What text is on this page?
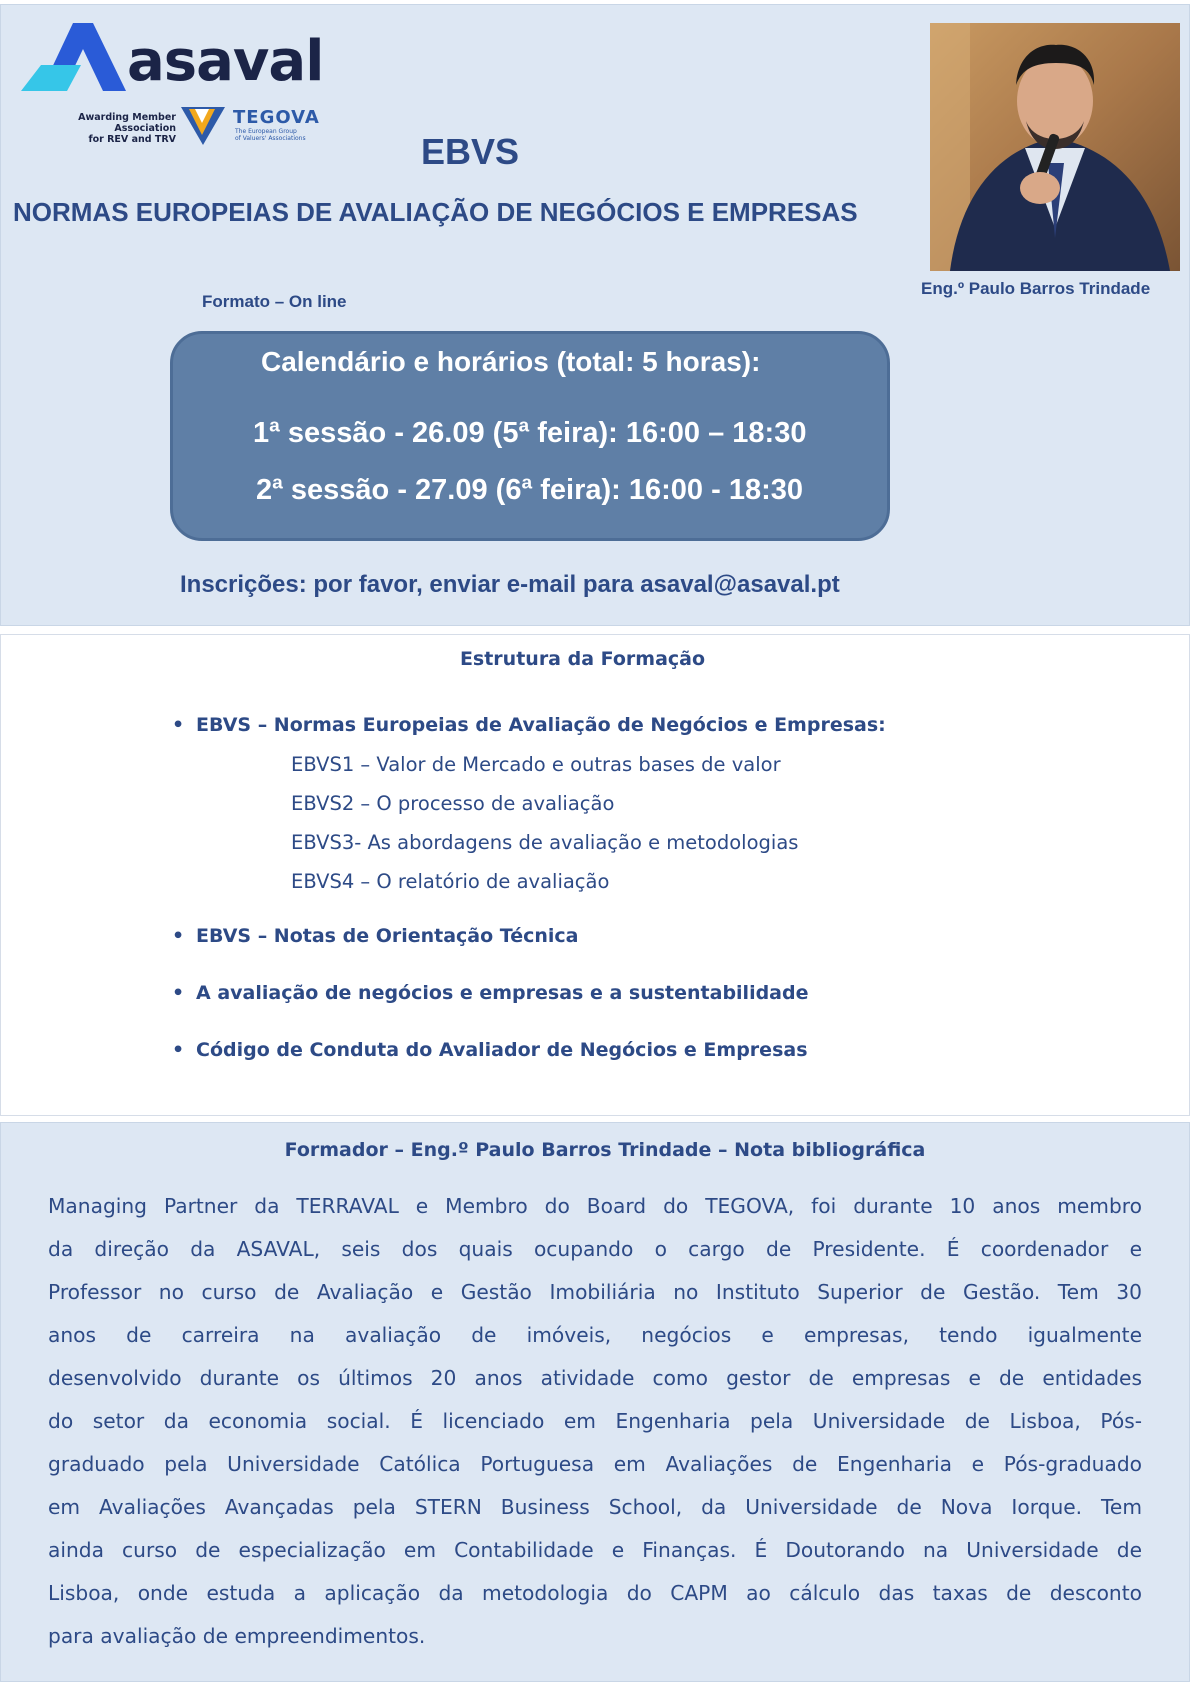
asaval
Awarding Member Association
for REV and TRV
TEGOVA
The European Group
of Valuers' Associations	EBVS
NORMAS EUROPEIAS DE AVALIAÇÃO DE NEGÓCIOS E EMPRESAS
Eng.º Paulo Barros Trindade
Formato – On line
Calendário e horários (total: 5 horas):
1ª sessão - 26.09 (5ª feira): 16:00 – 18:30
2ª sessão - 27.09 (6ª feira): 16:00 - 18:30
Inscrições: por favor, enviar e-mail para asaval@asaval.pt
Estrutura da Formação
• EBVS – Normas Europeias de Avaliação de Negócios e Empresas:
EBVS1 – Valor de Mercado e outras bases de valor
EBVS2 – O processo de avaliação
EBVS3- As abordagens de avaliação e metodologias
EBVS4 – O relatório de avaliação
• EBVS – Notas de Orientação Técnica
• A avaliação de negócios e empresas e a sustentabilidade
• Código de Conduta do Avaliador de Negócios e Empresas
Formador – Eng.º Paulo Barros Trindade – Nota bibliográfica
Managing Partner da TERRAVAL e Membro do Board do TEGOVA, foi durante 10 anos membro
da direção da ASAVAL, seis dos quais ocupando o cargo de Presidente. É coordenador e
Professor no curso de Avaliação e Gestão Imobiliária no Instituto Superior de Gestão. Tem 30
anos de carreira na avaliação de imóveis, negócios e empresas, tendo igualmente
desenvolvido durante os últimos 20 anos atividade como gestor de empresas e de entidades
do setor da economia social. É licenciado em Engenharia pela Universidade de Lisboa, Pós-
graduado pela Universidade Católica Portuguesa em Avaliações de Engenharia e Pós-graduado
em Avaliações Avançadas pela STERN Business School, da Universidade de Nova Iorque. Tem
ainda curso de especialização em Contabilidade e Finanças. É Doutorando na Universidade de
Lisboa, onde estuda a aplicação da metodologia do CAPM ao cálculo das taxas de desconto
para avaliação de empreendimentos.
